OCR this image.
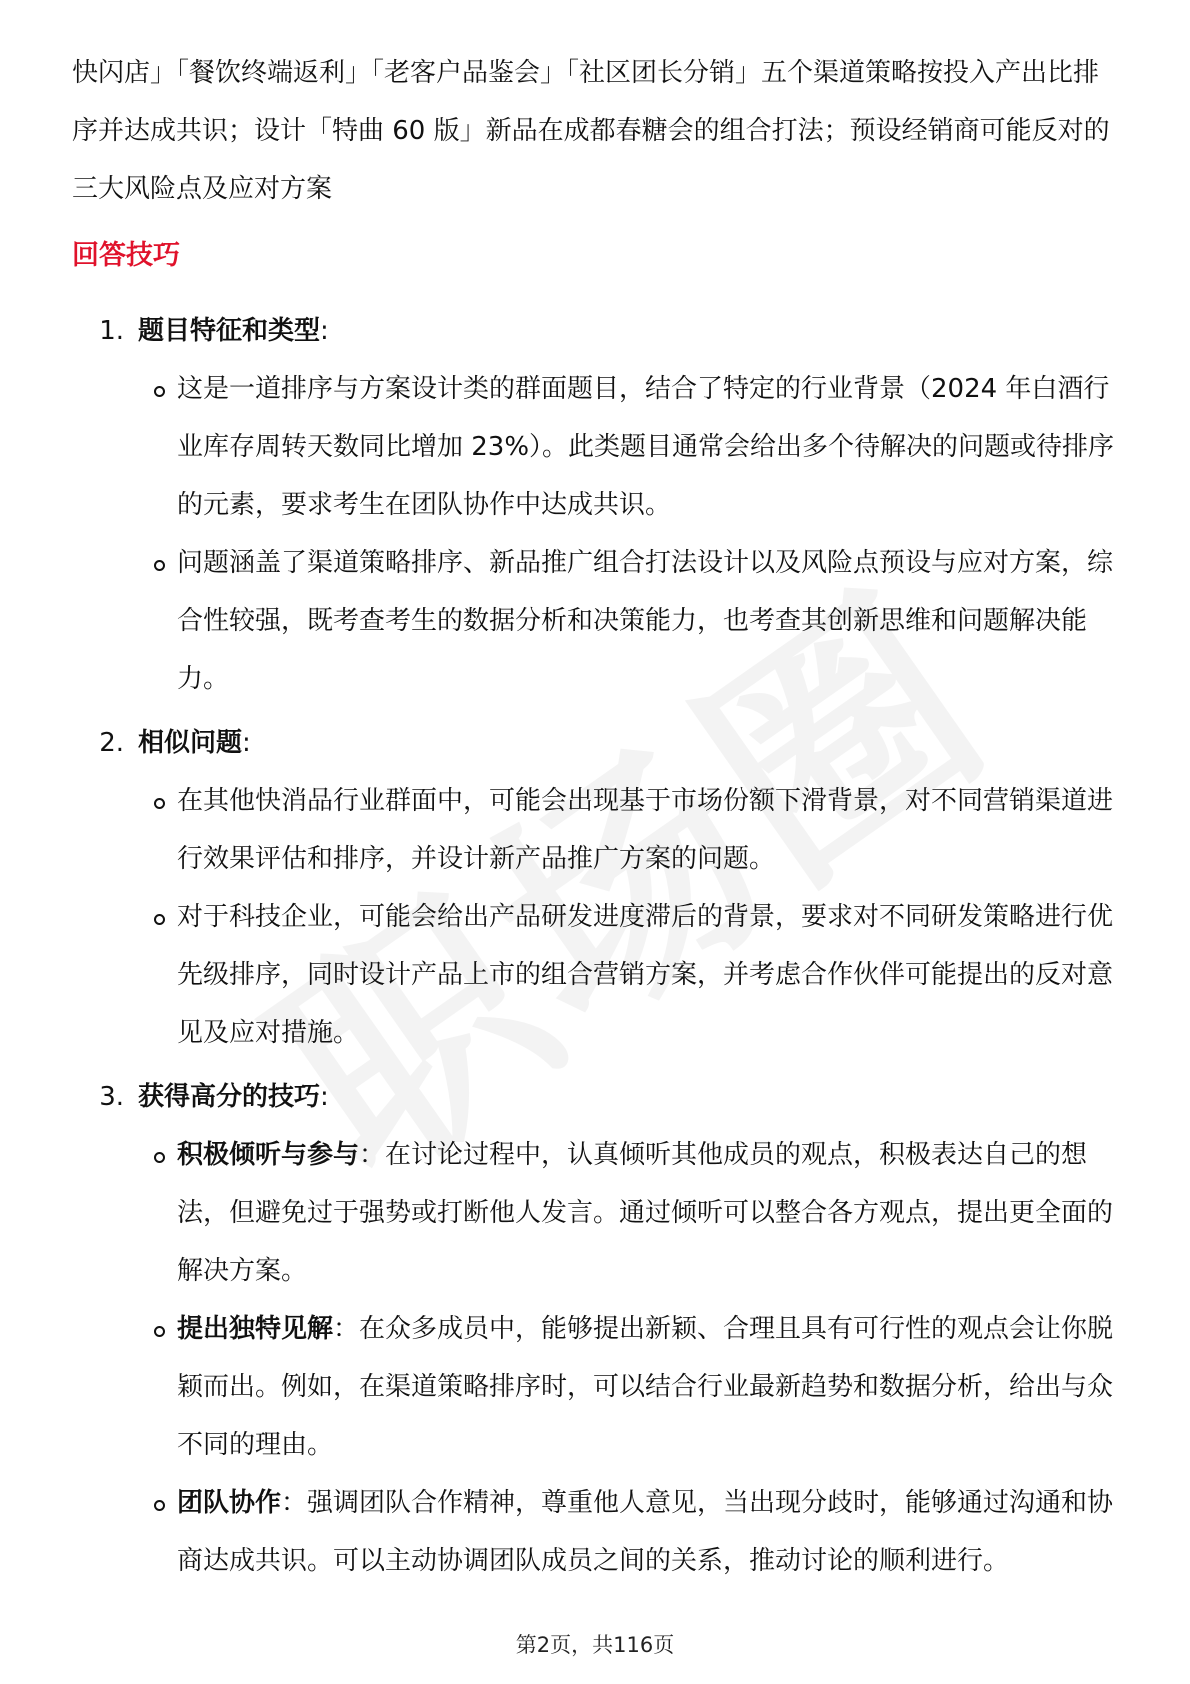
快闪店」「餐饮终端返利」「老客户品鉴会」「社区团长分销」五个渠道策略按投入产出比排序并达成共识；设计「特曲 60 版」新品在成都春糖会的组合打法；预设经销商可能反对的三大风险点及应对方案
回答技巧
1. 题目特征和类型:
这是一道排序与方案设计类的群面题目，结合了特定的行业背景（2024 年白酒行业库存周转天数同比增加 23%）。此类题目通常会给出多个待解决的问题或待排序的元素，要求考生在团队协作中达成共识。
问题涵盖了渠道策略排序、新品推广组合打法设计以及风险点预设与应对方案，综合性较强，既考查考生的数据分析和决策能力，也考查其创新思维和问题解决能力。
2. 相似问题:
在其他快消品行业群面中，可能会出现基于市场份额下滑背景，对不同营销渠道进行效果评估和排序，并设计新产品推广方案的问题。
对于科技企业，可能会给出产品研发进度滞后的背景，要求对不同研发策略进行优先级排序，同时设计产品上市的组合营销方案，并考虑合作伙伴可能提出的反对意见及应对措施。
3. 获得高分的技巧:
积极倾听与参与：在讨论过程中，认真倾听其他成员的观点，积极表达自己的想法，但避免过于强势或打断他人发言。通过倾听可以整合各方观点，提出更全面的解决方案。
提出独特见解：在众多成员中，能够提出新颖、合理且具有可行性的观点会让你脱颖而出。例如，在渠道策略排序时，可以结合行业最新趋势和数据分析，给出与众不同的理由。
团队协作：强调团队合作精神，尊重他人意见，当出现分歧时，能够通过沟通和协商达成共识。可以主动协调团队成员之间的关系，推动讨论的顺利进行。
第2页，共116页
